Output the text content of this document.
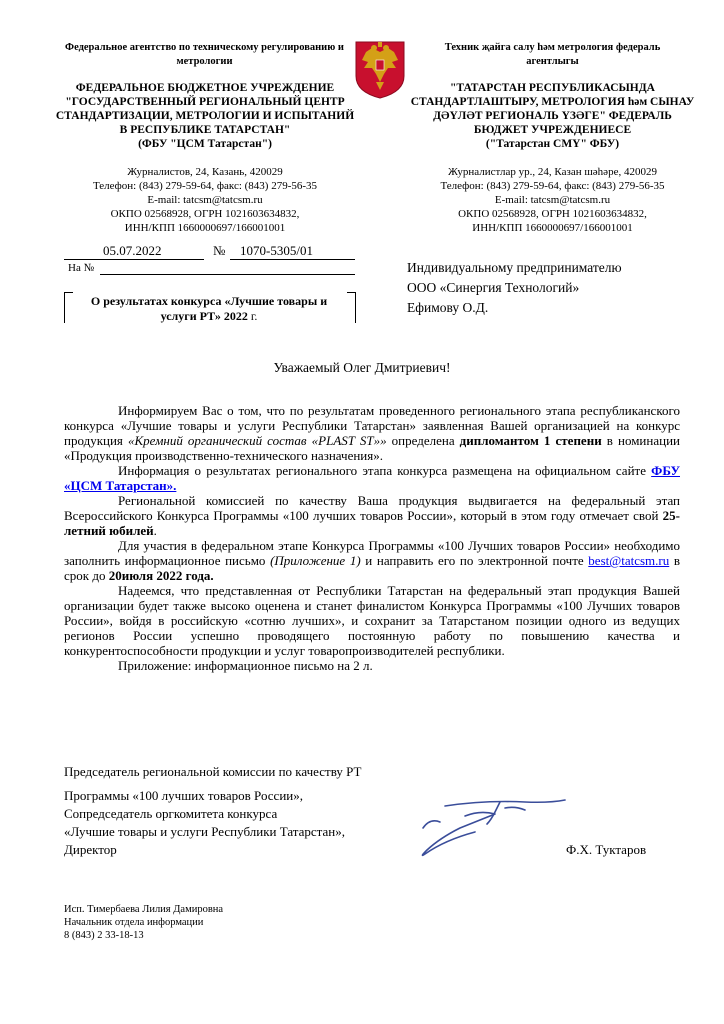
Федеральное агентство по техническому регулированию и метрологии
ФЕДЕРАЛЬНОЕ БЮДЖЕТНОЕ УЧРЕЖДЕНИЕ "ГОСУДАРСТВЕННЫЙ РЕГИОНАЛЬНЫЙ ЦЕНТР СТАНДАРТИЗАЦИИ, МЕТРОЛОГИИ И ИСПЫТАНИЙ В РЕСПУБЛИКЕ ТАТАРСТАН"
(ФБУ "ЦСМ Татарстан")
Журналистов, 24, Казань, 420029
Телефон: (843) 279-59-64, факс: (843) 279-56-35
E-mail: tatcsm@tatcsm.ru
ОКПО 02568928, ОГРН 1021603634832,
ИНН/КПП 1660000697/166001001
Техник җайга салу һәм метрология федераль агентлыгы
"ТАТАРСТАН РЕСПУБЛИКАСЫНДА СТАНДАРТЛАШТЫРУ, МЕТРОЛОГИЯ һәм СЫНАУ ДӘҮЛӘТ РЕГИОНАЛЬ ҮЗӘГЕ" ФЕДЕРАЛЬ БЮДЖЕТ УЧРЕЖДЕНИЕСЕ
("Татарстан СМҮ" ФБУ)
Журналистлар ур., 24, Казан шәһәре, 420029
Телефон: (843) 279-59-64, факс: (843) 279-56-35
E-mail: tatcsm@tatcsm.ru
ОКПО 02568928, ОГРН 1021603634832,
ИНН/КПП 1660000697/166001001
05.07.2022	№ 1070-5305/01
На №
О результатах конкурса «Лучшие товары и услуги РТ» 2022 г.
Индивидуальному предпринимателю
ООО «Синергия Технологий»
Ефимову О.Д.
Уважаемый Олег Дмитриевич!

Информируем Вас о том, что по результатам проведенного регионального этапа республиканского конкурса «Лучшие товары и услуги Республики Татарстан» заявленная Вашей организацией на конкурс продукция «Кремний органический состав «PLAST ST»» определена дипломантом 1 степени в номинации «Продукция производственно-технического назначения».

Информация о результатах регионального этапа конкурса размещена на официальном сайте ФБУ «ЦСМ Татарстан».

Региональной комиссией по качеству Ваша продукция выдвигается на федеральный этап Всероссийского Конкурса Программы «100 лучших товаров России», который в этом году отмечает свой 25-летний юбилей.

Для участия в федеральном этапе Конкурса Программы «100 Лучших товаров России» необходимо заполнить информационное письмо (Приложение 1) и направить его по электронной почте best@tatcsm.ru в срок до 20июля 2022 года.

Надеемся, что представленная от Республики Татарстан на федеральный этап продукция Вашей организации будет также высоко оценена и станет финалистом Конкурса Программы «100 Лучших товаров России», войдя в российскую «сотню лучших», и сохранит за Татарстаном позиции одного из ведущих регионов России успешно проводящего постоянную работу по повышению качества и конкурентоспособности продукции и услуг товаропроизводителей республики.

Приложение: информационное письмо на 2 л.

Председатель региональной комиссии по качеству РТ
Программы «100 лучших товаров России»,
Сопредседатель оргкомитета конкурса
«Лучшие товары и услуги Республики Татарстан»,
Директор	Ф.Х. Туктаров
Исп. Тимербаева Лилия Дамировна
Начальник отдела информации
8 (843) 2 33-18-13
